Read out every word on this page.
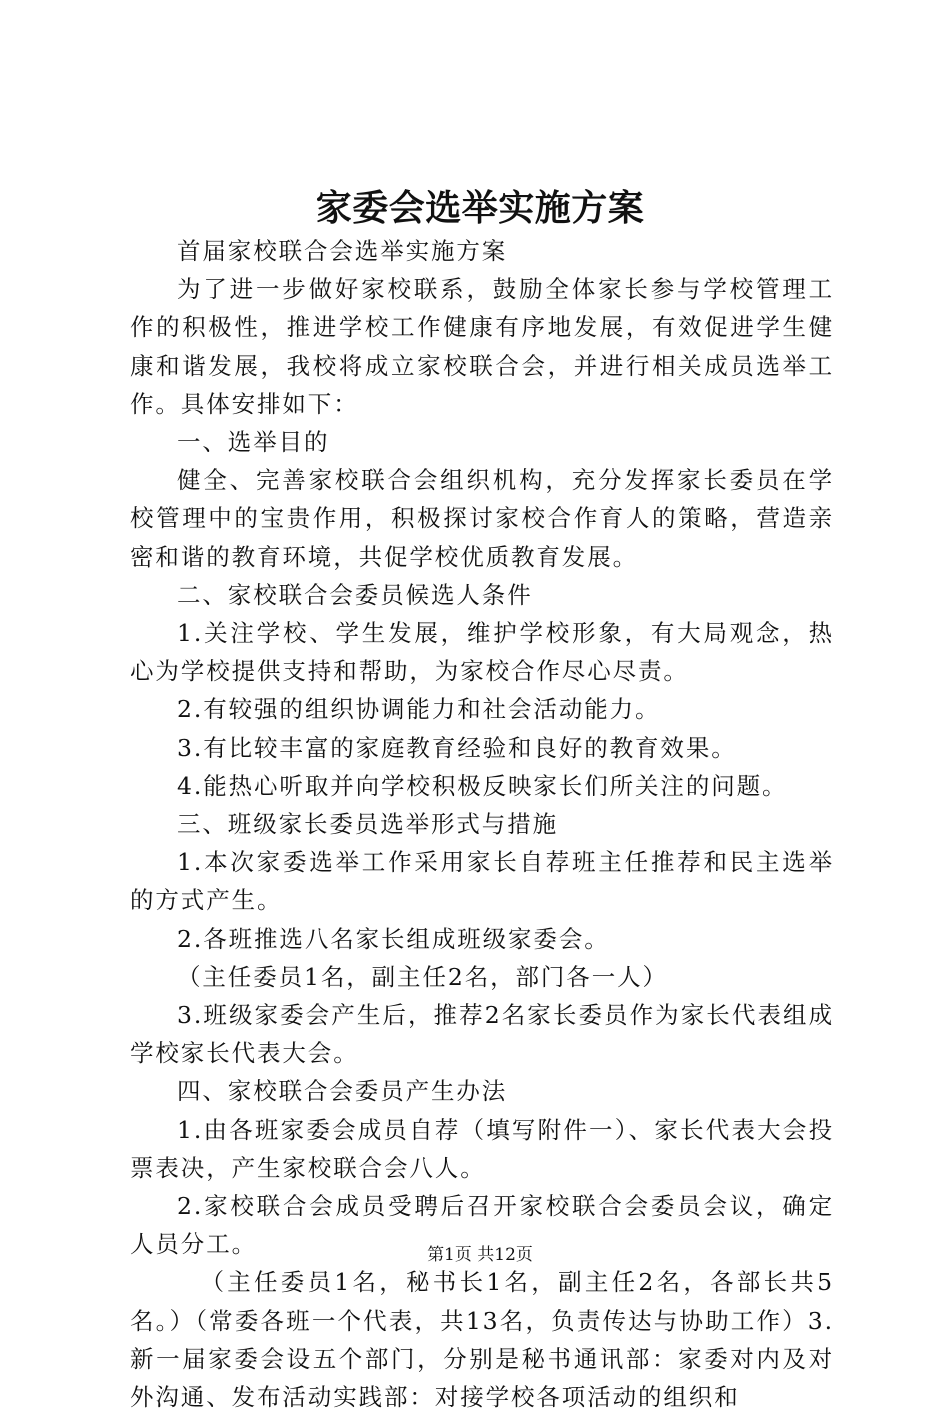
家委会选举实施方案

首届家校联合会选举实施方案

为了进一步做好家校联系，鼓励全体家长参与学校管理工作的积极性，推进学校工作健康有序地发展，有效促进学生健康和谐发展，我校将成立家校联合会，并进行相关成员选举工作。具体安排如下：

一、选举目的

健全、完善家校联合会组织机构，充分发挥家长委员在学校管理中的宝贵作用，积极探讨家校合作育人的策略，营造亲密和谐的教育环境，共促学校优质教育发展。

二、家校联合会委员候选人条件

1.关注学校、学生发展，维护学校形象，有大局观念，热心为学校提供支持和帮助，为家校合作尽心尽责。

2.有较强的组织协调能力和社会活动能力。

3.有比较丰富的家庭教育经验和良好的教育效果。

4.能热心听取并向学校积极反映家长们所关注的问题。

三、班级家长委员选举形式与措施

1.本次家委选举工作采用家长自荐班主任推荐和民主选举的方式产生。

2.各班推选八名家长组成班级家委会。

（主任委员1名，副主任2名，部门各一人）

3.班级家委会产生后，推荐2名家长委员作为家长代表组成学校家长代表大会。

四、家校联合会委员产生办法

1.由各班家委会成员自荐（填写附件一）、家长代表大会投票表决，产生家校联合会八人。

2.家校联合会成员受聘后召开家校联合会委员会议，确定人员分工。

（主任委员1名，秘书长1名，副主任2名，各部长共5名。）（常委各班一个代表，共13名，负责传达与协助工作）3.新一届家委会设五个部门，分别是秘书通讯部：家委对内及对外沟通、发布活动实践部：对接学校各项活动的组织和

第1页 共12页
